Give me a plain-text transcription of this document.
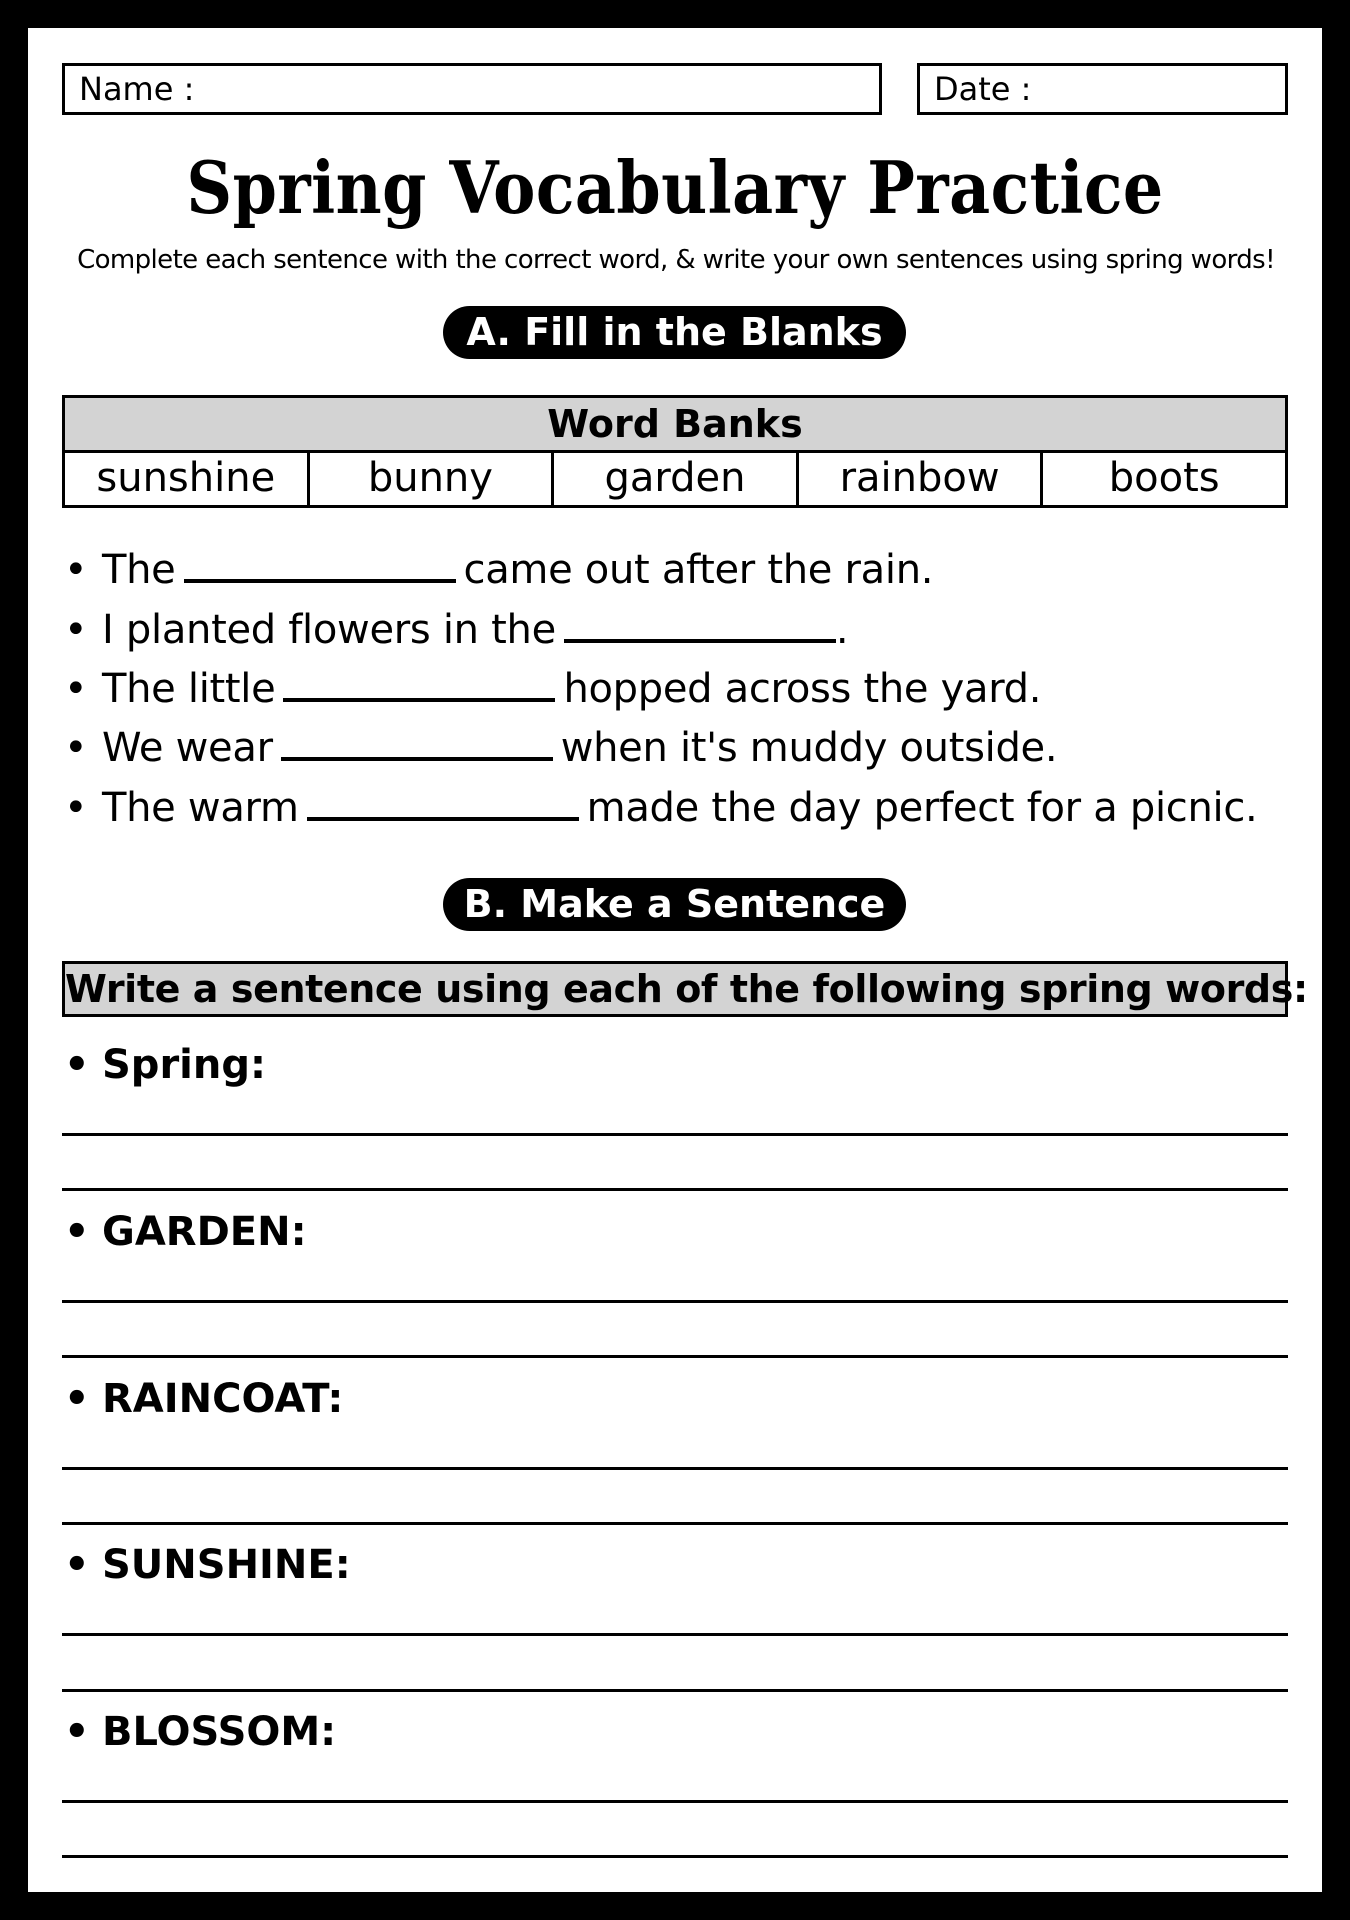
Name :	Date :
Spring Vocabulary Practice
Complete each sentence with the correct word, & write your own sentences using spring words!
A. Fill in the Blanks
Word Banks
sunshine	bunny	garden	rainbow	boots
• The	came out after the rain.
• I planted flowers in the	.
• The little	hopped across the yard.
• We wear	when it's muddy outside.
• The warm	made the day perfect for a picnic.
B. Make a Sentence
Write a sentence using each of the following spring words:
• Spring:
• GARDEN:
• RAINCOAT:
• SUNSHINE:
• BLOSSOM:
